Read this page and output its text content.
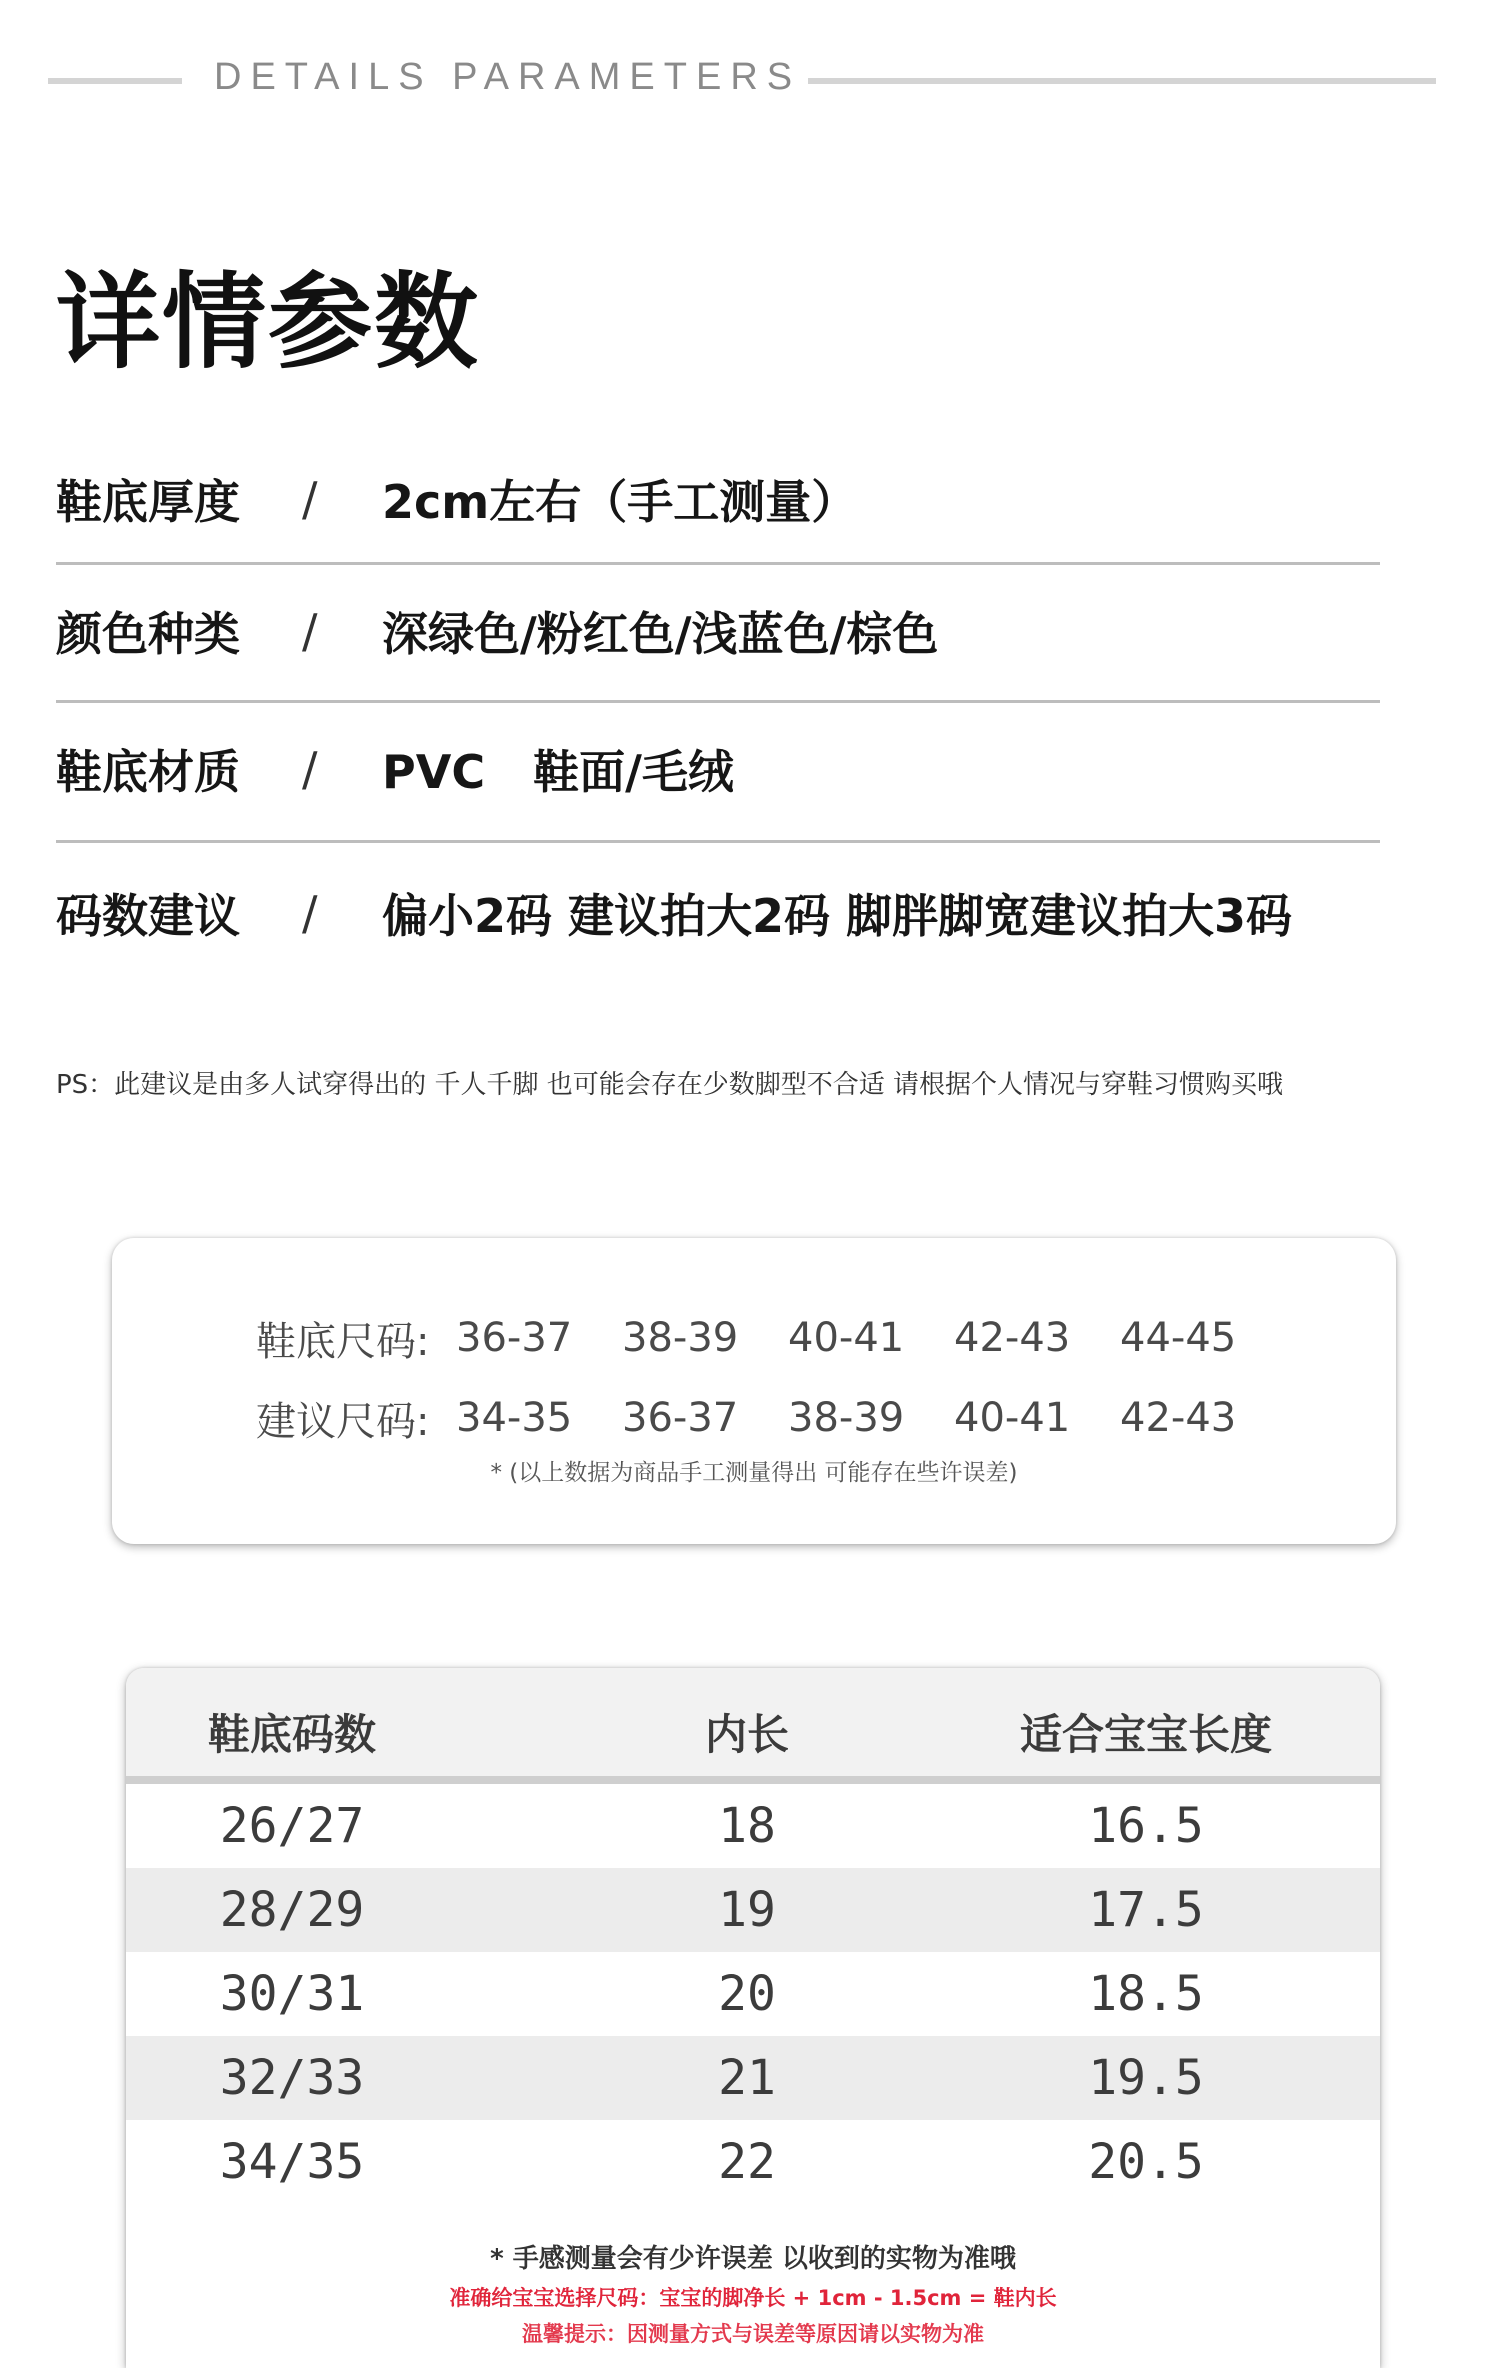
DETAILS PARAMETERS
详情参数
鞋底厚度	/	2cm左右（手工测量）
颜色种类	/	深绿色/粉红色/浅蓝色/棕色
鞋底材质	/	PVC   鞋面/毛绒
码数建议	/	偏小2码 建议拍大2码 脚胖脚宽建议拍大3码
PS：此建议是由多人试穿得出的 千人千脚 也可能会存在少数脚型不合适 请根据个人情况与穿鞋习惯购买哦
鞋底尺码: 36-37	38-39	40-41	42-43	44-45
建议尺码: 34-35	36-37	38-39	40-41	42-43
* (以上数据为商品手工测量得出 可能存在些许误差)
鞋底码数	内长	适合宝宝长度
26/27	18	16.5
28/29	19	17.5
30/31	20	18.5
32/33	21	19.5
34/35	22	20.5
* 手感测量会有少许误差 以收到的实物为准哦
准确给宝宝选择尺码：宝宝的脚净长 + 1cm - 1.5cm = 鞋内长
温馨提示：因测量方式与误差等原因请以实物为准
